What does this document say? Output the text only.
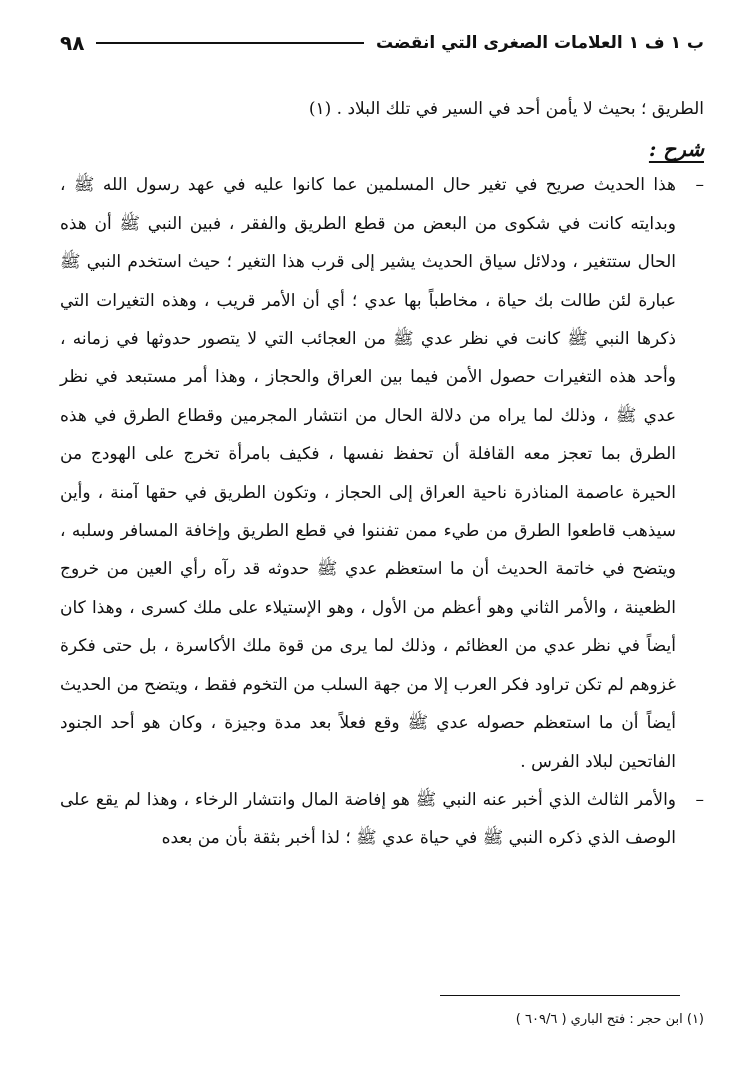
ب ١ ف ١ العلامات الصغرى التي انقضت
٩٨

الطريق ؛ بحيث لا يأمن أحد في السير في تلك البلاد . (١)

شرح :

–
هذا الحديث صريح في تغير حال المسلمين عما كانوا عليه في عهد رسول الله ﷺ ، وبدايته كانت في شكوى من البعض من قطع الطريق والفقر ، فبين النبي ﷺ أن هذه الحال ستتغير ، ودلائل سياق الحديث يشير إلى قرب هذا التغير ؛ حيث استخدم النبي ﷺ عبارة لئن طالت بك حياة ، مخاطباً بها عدي ؛ أي أن الأمر قريب ، وهذه التغيرات التي ذكرها النبي ﷺ كانت في نظر عدي ﷺ من العجائب التي لا يتصور حدوثها في زمانه ، وأحد هذه التغيرات حصول الأمن فيما بين العراق والحجاز ، وهذا أمر مستبعد في نظر عدي ﷺ ، وذلك لما يراه من دلالة الحال من انتشار المجرمين وقطاع الطرق في هذه الطرق بما تعجز معه القافلة أن تحفظ نفسها ، فكيف بامرأة تخرج على الهودج من الحيرة عاصمة المناذرة ناحية العراق إلى الحجاز ، وتكون الطريق في حقها آمنة ، وأين سيذهب قاطعوا الطرق من طيء ممن تفننوا في قطع الطريق وإخافة المسافر وسلبه ، ويتضح في خاتمة الحديث أن ما استعظم عدي ﷺ حدوثه قد رآه رأي العين من خروج الظعينة ، والأمر الثاني وهو أعظم من الأول ، وهو الإستيلاء على ملك كسرى ، وهذا كان أيضاً في نظر عدي من العظائم ، وذلك لما يرى من قوة ملك الأكاسرة ، بل حتى فكرة غزوهم لم تكن تراود فكر العرب إلا من جهة السلب من التخوم فقط ، ويتضح من الحديث أيضاً أن ما استعظم حصوله عدي ﷺ وقع فعلاً بعد مدة وجيزة ، وكان هو أحد الجنود الفاتحين لبلاد الفرس .

–
والأمر الثالث الذي أخبر عنه النبي ﷺ هو إفاضة المال وانتشار الرخاء ، وهذا لم يقع على الوصف الذي ذكره النبي ﷺ في حياة عدي ﷺ ؛ لذا أخبر بثقة بأن من بعده

(١) ابن حجر : فتح الباري ( ٦٠٩/٦ )
